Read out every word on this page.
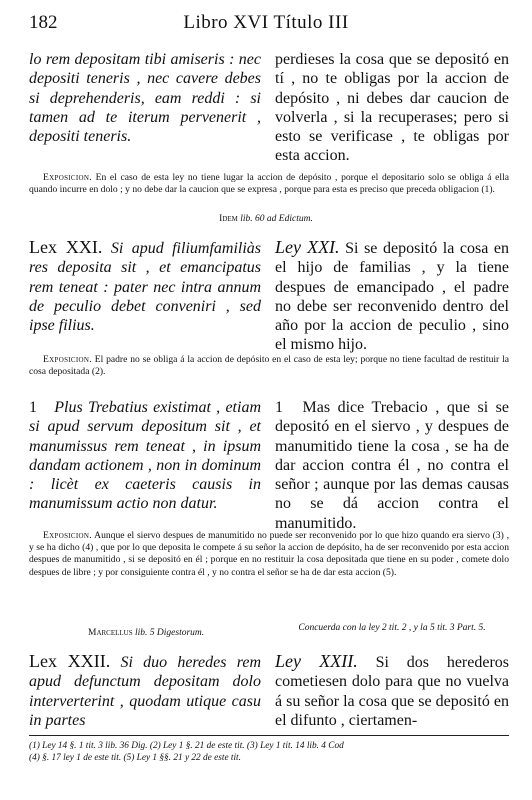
182	Libro XVI Título III

lo rem depositam tibi amiseris : nec depositi teneris , nec cavere debes si deprehenderis, eam reddi : si tamen ad te iterum pervenerit , depositi teneris.

perdieses la cosa que se depositó en tí , no te obligas por la accion de depósito , ni debes dar caucion de volverla , si la recuperases; pero si esto se verificase , te obligas por esta accion.

Exposicion. En el caso de esta ley no tiene lugar la accion de depósito , porque el depositario solo se obliga á ella quando incurre en dolo ; y no debe dar la caucion que se expresa , porque para esta es preciso que preceda obligacion (1).

Idem lib. 60 ad Edictum.

Lex XXI. Si apud filiumfamiliàs res deposita sit , et emancipatus rem teneat : pater nec intra annum de peculio debet conveniri , sed ipse filius.

Ley XXI. Si se depositó la cosa en el hijo de familias , y la tiene despues de emancipado , el padre no debe ser reconvenido dentro del año por la accion de peculio , sino el mismo hijo.

Exposicion. El padre no se obliga á la accion de depósito en el caso de esta ley; porque no tiene facultad de restituir la cosa depositada (2).

1 Plus Trebatius existimat , etiam si apud servum depositum sit , et manumissus rem teneat , in ipsum dandam actionem , non in dominum : licèt ex caeteris causis in manumissum actio non datur.

1 Mas dice Trebacio , que si se depositó en el siervo , y despues de manumitido tiene la cosa , se ha de dar accion contra él , no contra el señor ; aunque por las demas causas no se dá accion contra el manumitido.

Exposicion. Aunque el siervo despues de manumitido no puede ser reconvenido por lo que hizo quando era siervo (3) , y se ha dicho (4) , que por lo que deposita le compete á su señor la accion de depósito, ha de ser reconvenido por esta accion despues de manumitido , si se depositó en él ; porque en no restituir la cosa depositada que tiene en su poder , comete dolo despues de libre ; y por consiguiente contra él , y no contra el señor se ha de dar esta accion (5).

Marcellus lib. 5 Digestorum.	Concuerda con la ley 2 tit. 2 , y la 5 tit. 3 Part. 5.

Lex XXII. Si duo heredes rem apud defunctum depositam dolo interverterint , quodam utique casu in partes

Ley XXII. Si dos herederos cometiesen dolo para que no vuelva á su señor la cosa que se depositó en el difunto , ciertamen-

(1) Ley 14 §. 1 tit. 3 lib. 36 Dig. (2) Ley 1 §. 21 de este tit. (3) Ley 1 tit. 14 lib. 4 Cod
(4) §. 17 ley 1 de este tit. (5) Ley 1 §§. 21 y 22 de este tit.
